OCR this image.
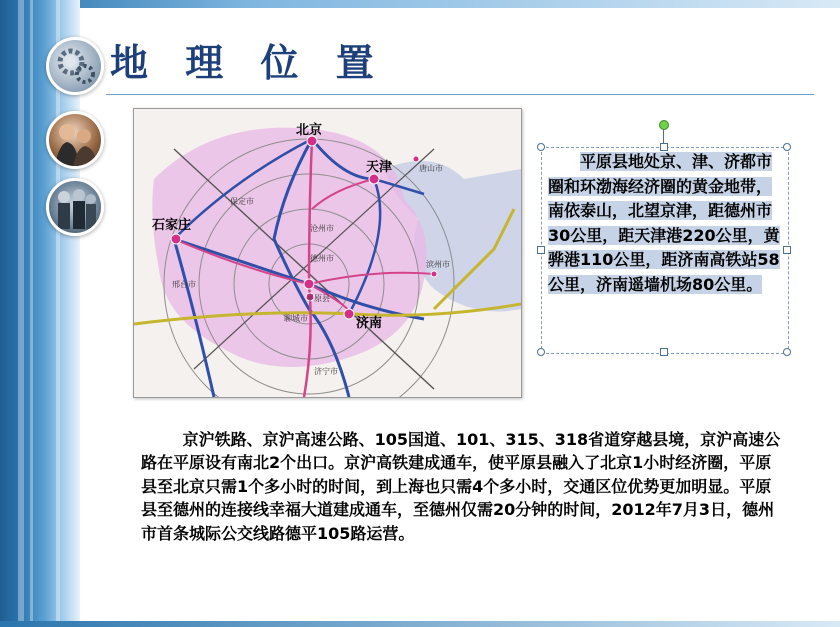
地 理 位 置
北京
天津	唐山市
保定市
石家庄	沧州市
德州市
邢台市
滨州市
平原县
聊城市	济南
济宁市
平原县地处京、津、济都市圈和环渤海经济圈的黄金地带，南依泰山，北望京津，距德州市30公里，距天津港220公里，黄骅港110公里，距济南高铁站58公里，济南遥墙机场80公里。
京沪铁路、京沪高速公路、105国道、101、315、318省道穿越县境，京沪高速公路在平原设有南北2个出口。京沪高铁建成通车，使平原县融入了北京1小时经济圈，平原县至北京只需1个多小时的时间，到上海也只需4个多小时，交通区位优势更加明显。平原县至德州的连接线幸福大道建成通车，至德州仅需20分钟的时间，2012年7月3日，德州市首条城际公交线路德平105路运营。
